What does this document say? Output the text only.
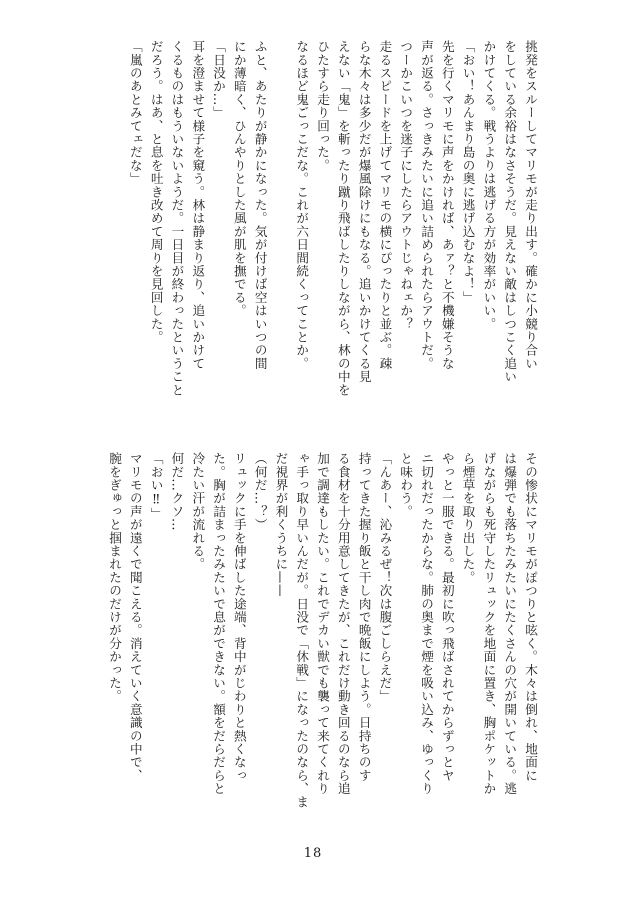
挑発をスルーしてマリモが走り出す。確かに小競り合い
をしている余裕はなさそうだ。見えない敵はしつこく追い
かけてくる。戦うよりは逃げる方が効率がいい。
「おい！あんまり島の奥に逃げ込むなよ！」
先を行くマリモに声をかければ、あァ？と不機嫌そうな
声が返る。さっきみたいに追い詰められたらアウトだ。
つーかこいつを迷子にしたらアウトじゃねェか？
走るスピードを上げてマリモの横にぴったりと並ぶ。疎
らな木々は多少だが爆風除けにもなる。追いかけてくる見
えない「鬼」を斬ったり蹴り飛ばしたりしながら、林の中を
ひたすら走り回った。
なるほど鬼ごっこだな。これが六日間続くってことか。
ふと、あたりが静かになった。気が付けば空はいつの間
にか薄暗く、ひんやりとした風が肌を撫でる。
「日没か…」
耳を澄ませて様子を窺う。林は静まり返り、追いかけて
くるものはもういないようだ。一日目が終わったということ
だろう。はあ、と息を吐き改めて周りを見回した。
「嵐のあとみてェだな」
その惨状にマリモがぽつりと呟く。木々は倒れ、地面に
は爆弾でも落ちたみたいにたくさんの穴が開いている。逃
げながらも死守したリュックを地面に置き、胸ポケットか
ら煙草を取り出した。
やっと一服できる。最初に吹っ飛ばされてからずっとヤ
ニ切れだったからな。肺の奥まで煙を吸い込み、ゆっくり
と味わう。
「んあー、沁みるぜ！次は腹ごしらえだ」
持ってきた握り飯と干し肉で晩飯にしよう。日持ちのす
る食材を十分用意してきたが、これだけ動き回るのなら追
加で調達もしたい。これでデカい獣でも襲って来てくれり
ゃ手っ取り早いんだが。日没で「休戦」になったのなら、ま
だ視界が利くうちに——
（何だ…？）
リュックに手を伸ばした途端、背中がじわりと熱くなっ
た。胸が詰まったみたいで息ができない。額をだらだらと
冷たい汗が流れる。
何だ…クソ…
「おい‼」
マリモの声が遠くで聞こえる。消えていく意識の中で、
腕をぎゅっと掴まれたのだけが分かった。
18
